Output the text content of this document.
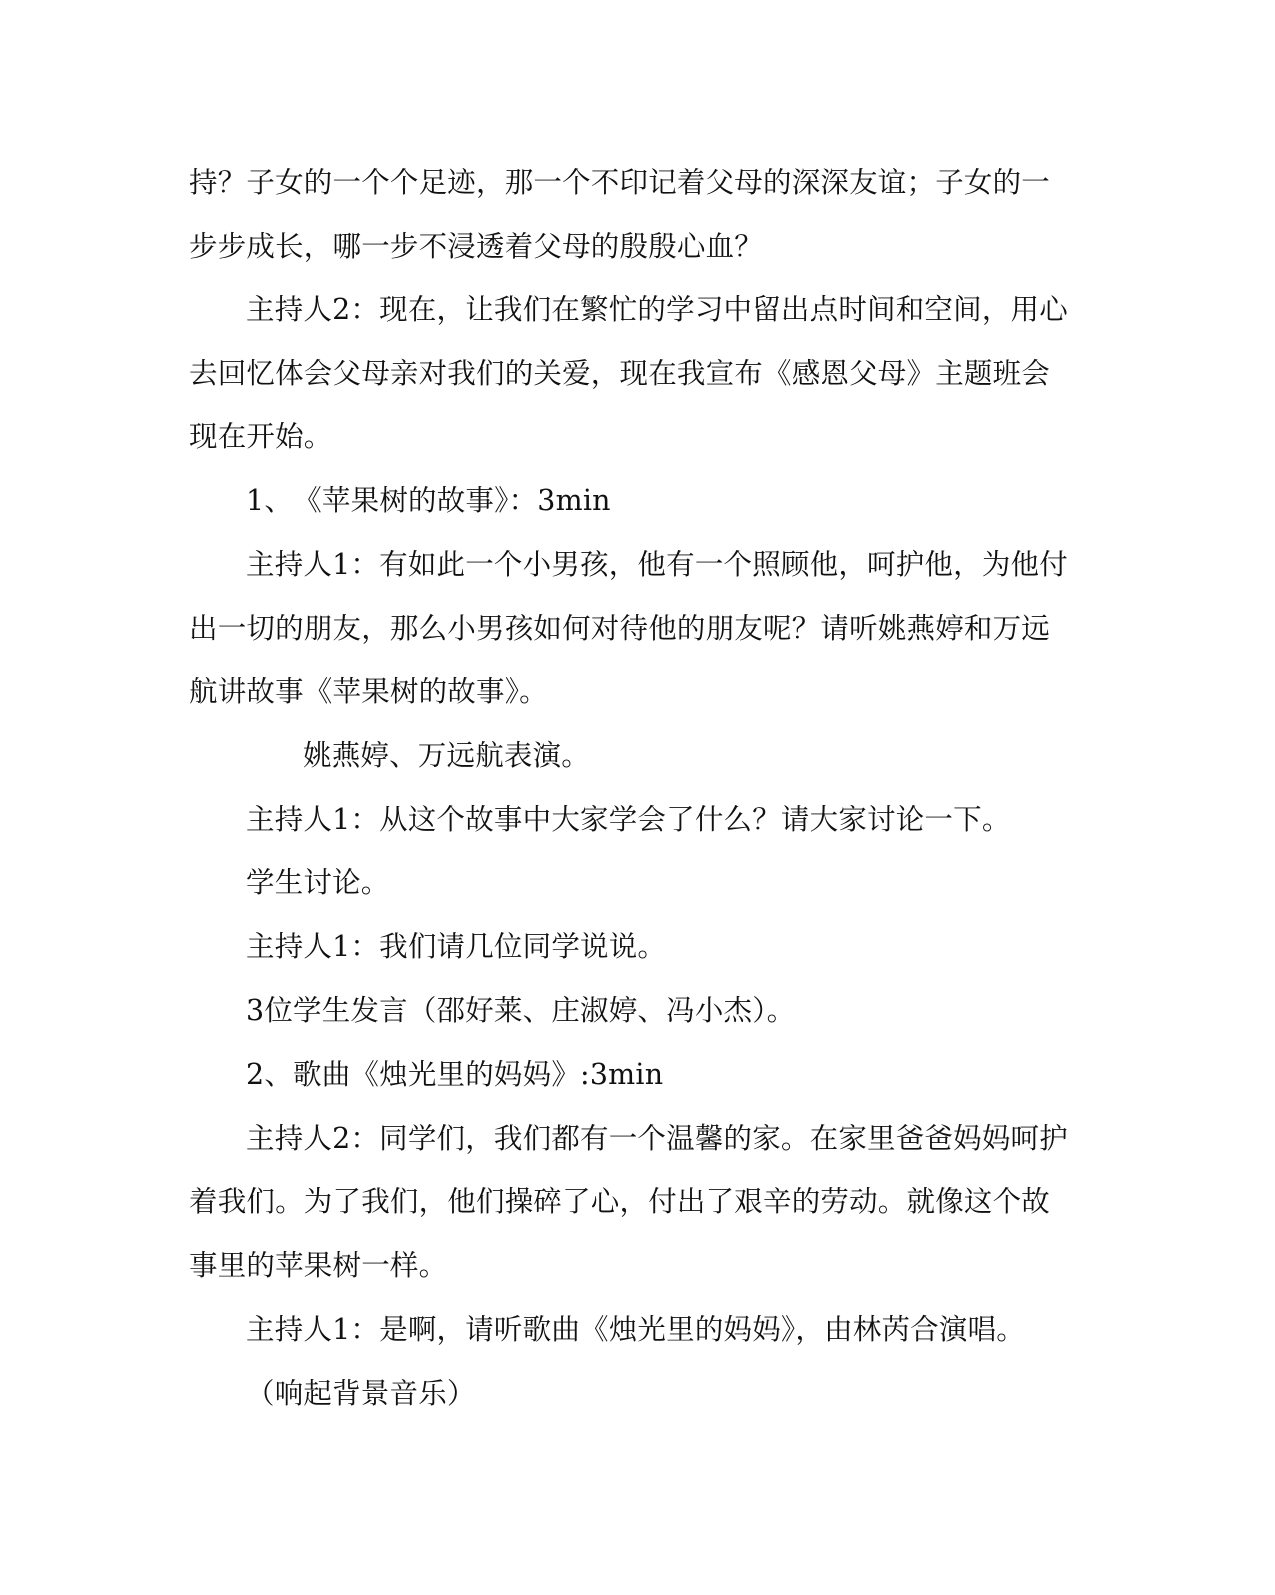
持？子女的一个个足迹，那一个不印记着父母的深深友谊；子女的一
步步成长，哪一步不浸透着父母的殷殷心血？
主持人2：现在，让我们在繁忙的学习中留出点时间和空间，用心
去回忆体会父母亲对我们的关爱，现在我宣布《感恩父母》主题班会
现在开始。
1、　《苹果树的故事》：3min
主持人1：有如此一个小男孩，他有一个照顾他，呵护他，为他付
出一切的朋友，那么小男孩如何对待他的朋友呢？请听姚燕婷和万远
航讲故事《苹果树的故事》。
姚燕婷、万远航表演。
主持人1：从这个故事中大家学会了什么？请大家讨论一下。
学生讨论。
主持人1：我们请几位同学说说。
3位学生发言（邵好莱、庄淑婷、冯小杰）。
2、歌曲《烛光里的妈妈》:3min
主持人2：同学们，我们都有一个温馨的家。在家里爸爸妈妈呵护
着我们。为了我们，他们操碎了心，付出了艰辛的劳动。就像这个故
事里的苹果树一样。
主持人1：是啊，请听歌曲《烛光里的妈妈》，由林芮合演唱。
（响起背景音乐）
